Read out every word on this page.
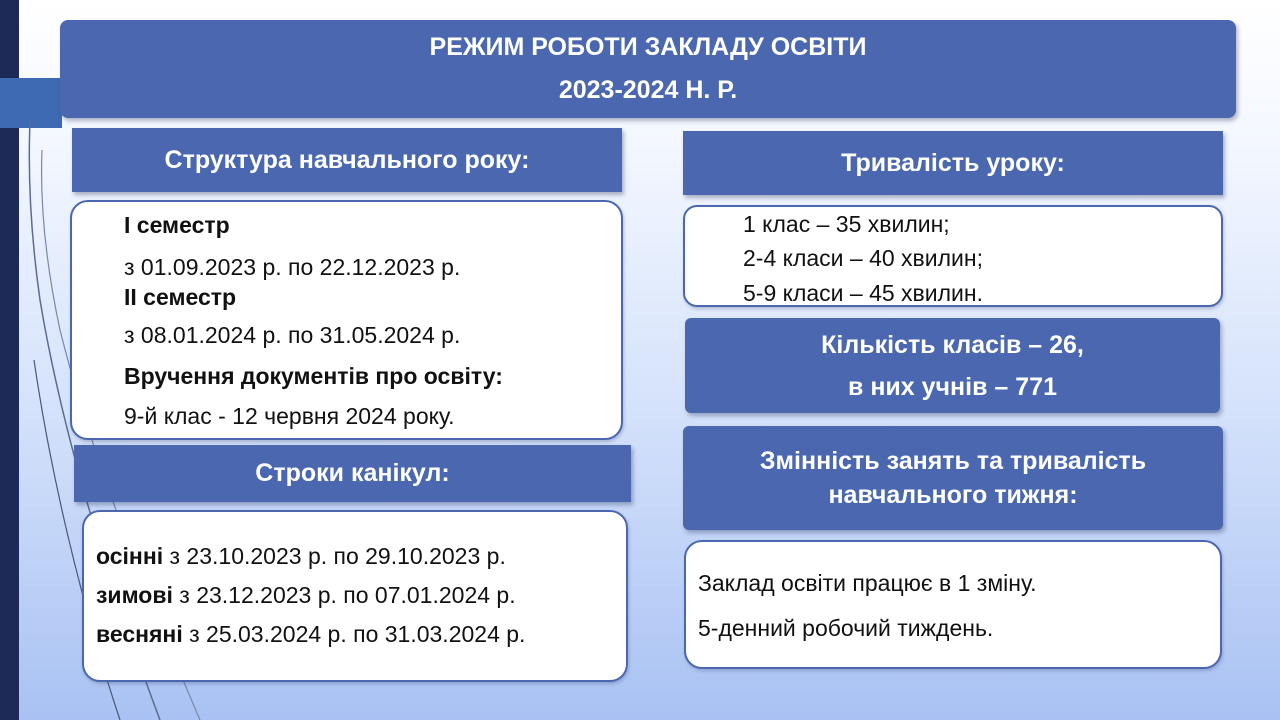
РЕЖИМ РОБОТИ ЗАКЛАДУ ОСВІТИ
2023-2024 Н. Р.
Структура навчального року:
І семестр
з 01.09.2023 р. по 22.12.2023 р.
ІІ семестр
з 08.01.2024 р. по 31.05.2024 р.
Вручення документів про освіту:
9-й клас - 12 червня 2024 року.
Строки канікул:
осінні з 23.10.2023 р. по 29.10.2023 р.
зимові з 23.12.2023 р. по 07.01.2024 р.
весняні з 25.03.2024 р. по 31.03.2024 р.
Тривалість уроку:
1 клас – 35 хвилин;
2-4 класи – 40 хвилин;
5-9 класи – 45 хвилин.
Кількість класів – 26,
в них учнів – 771
Змінність занять та тривалість
навчального тижня:
Заклад освіти працює в 1 зміну.
5-денний робочий тиждень.
